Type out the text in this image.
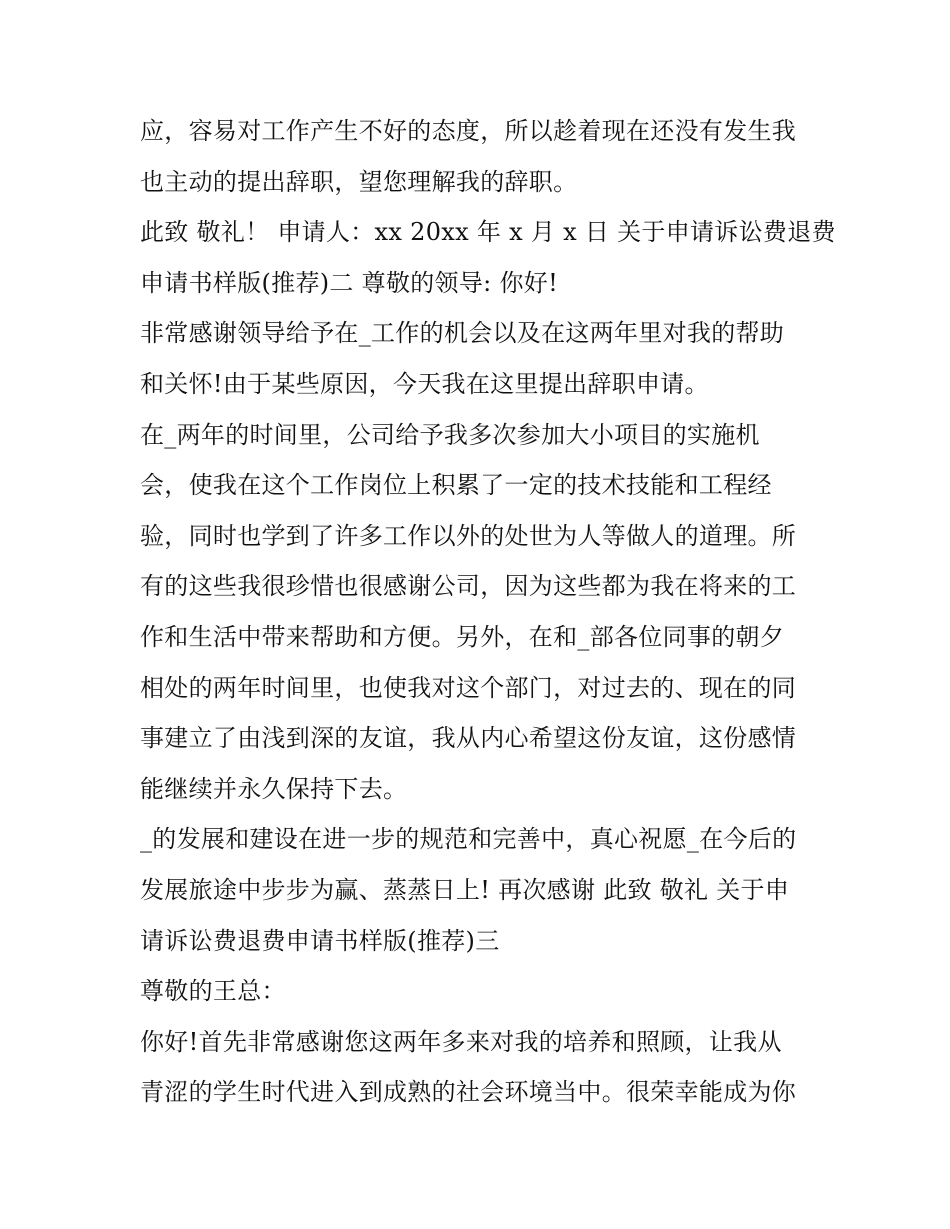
应，容易对工作产生不好的态度，所以趁着现在还没有发生我
也主动的提出辞职，望您理解我的辞职。
此致 敬礼！ 申请人：xx 20xx 年 x 月 x 日 关于申请诉讼费退费
申请书样版(推荐)二 尊敬的领导: 你好!
非常感谢领导给予在_工作的机会以及在这两年里对我的帮助
和关怀!由于某些原因，今天我在这里提出辞职申请。
在_两年的时间里，公司给予我多次参加大小项目的实施机
会，使我在这个工作岗位上积累了一定的技术技能和工程经
验，同时也学到了许多工作以外的处世为人等做人的道理。所
有的这些我很珍惜也很感谢公司，因为这些都为我在将来的工
作和生活中带来帮助和方便。另外，在和_部各位同事的朝夕
相处的两年时间里，也使我对这个部门，对过去的、现在的同
事建立了由浅到深的友谊，我从内心希望这份友谊，这份感情
能继续并永久保持下去。
_的发展和建设在进一步的规范和完善中，真心祝愿_在今后的
发展旅途中步步为赢、蒸蒸日上! 再次感谢 此致 敬礼 关于申
请诉讼费退费申请书样版(推荐)三
尊敬的王总：
你好!首先非常感谢您这两年多来对我的培养和照顾，让我从
青涩的学生时代进入到成熟的社会环境当中。很荣幸能成为你
